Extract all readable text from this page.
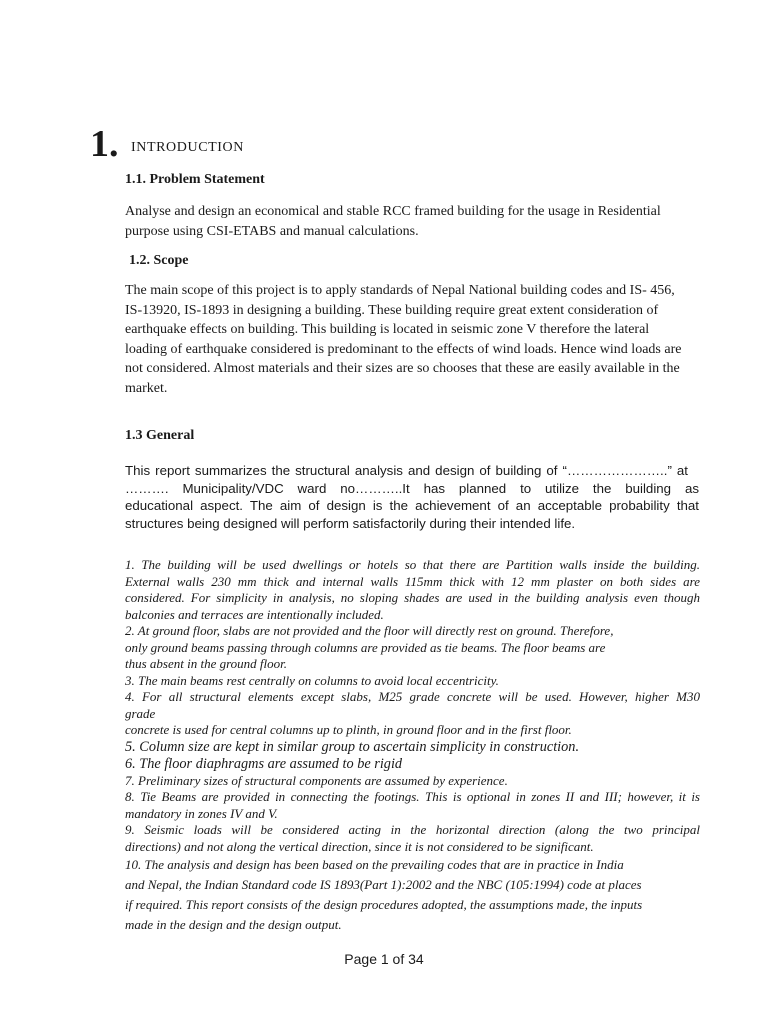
1. INTRODUCTION
1.1. Problem Statement

Analyse and design an economical and stable RCC framed building for the usage in Residential

purpose using CSI-ETABS and manual calculations.

1.2. Scope

The main scope of this project is to apply standards of Nepal National building codes and IS- 456,

IS-13920, IS-1893 in designing a building. These building require great extent consideration of

earthquake effects on building. This building is located in seismic zone V therefore the lateral

loading of earthquake considered is predominant to the effects of wind loads. Hence wind loads are

not considered. Almost materials and their sizes are so chooses that these are easily available in the

market.

1.3 General
This report summarizes the structural analysis and design of building of “…………………..” at
………. Municipality/VDC ward no………..It has planned to utilize the building as
educational aspect. The aim of design is the achievement of an acceptable probability that
structures being designed will perform satisfactorily during their intended life.
1. The building will be used dwellings or hotels so that there are Partition walls inside the building.
External walls 230 mm thick and internal walls 115mm thick with 12 mm plaster on both sides are
considered. For simplicity in analysis, no sloping shades are used in the building analysis even though
balconies and terraces are intentionally included.
2. At ground floor, slabs are not provided and the floor will directly rest on ground. Therefore,
only ground beams passing through columns are provided as tie beams. The floor beams are
thus absent in the ground floor.
3. The main beams rest centrally on columns to avoid local eccentricity.
4. For all structural elements except slabs, M25 grade concrete will be used. However, higher M30
grade
concrete is used for central columns up to plinth, in ground floor and in the first floor.
5. Column size are kept in similar group to ascertain simplicity in construction.
6. The floor diaphragms are assumed to be rigid
7. Preliminary sizes of structural components are assumed by experience.
8. Tie Beams are provided in connecting the footings. This is optional in zones II and III; however, it is
mandatory in zones IV and V.
9. Seismic loads will be considered acting in the horizontal direction (along the two principal
directions) and not along the vertical direction, since it is not considered to be significant.
10. The analysis and design has been based on the prevailing codes that are in practice in India
and Nepal, the Indian Standard code IS 1893(Part 1):2002 and the NBC (105:1994) code at places
if required. This report consists of the design procedures adopted, the assumptions made, the inputs
made in the design and the design output.
Page 1 of 34
